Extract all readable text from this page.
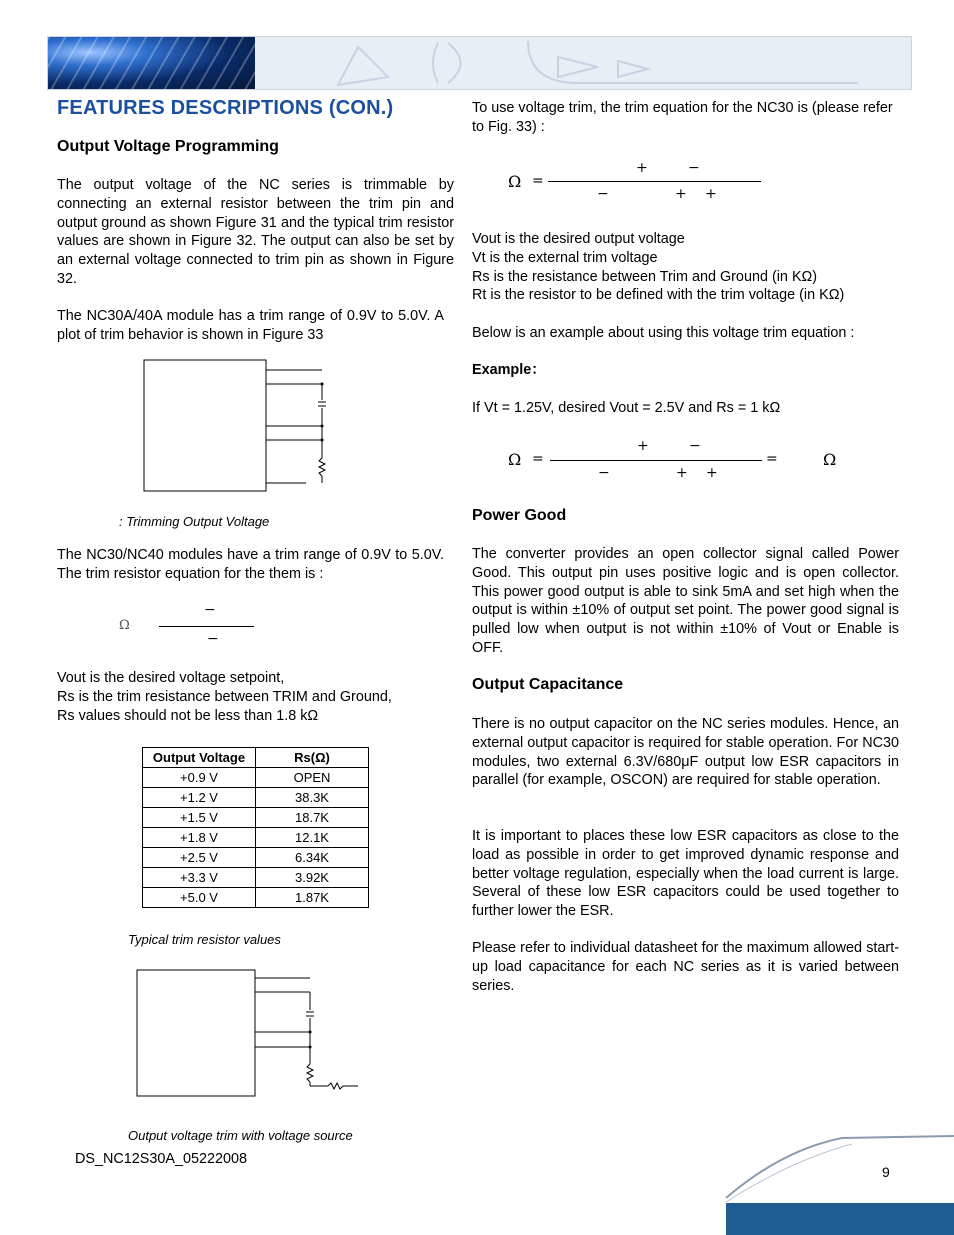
FEATURES DESCRIPTIONS (CON.)
Output Voltage Programming

The output voltage of the NC series is trimmable by connecting an external resistor between the trim pin and output ground as shown Figure 31 and the typical trim resistor values are shown in Figure 32. The output can also be set by an external voltage connected to trim pin as shown in Figure 32.

The NC30A/40A module has a trim range of 0.9V to 5.0V. A plot of trim behavior is shown in Figure 33

: Trimming Output Voltage

The NC30/NC40 modules have a trim range of 0.9V to 5.0V. The trim resistor equation for the them is :

Ω
−
−
Vout is the desired voltage setpoint,
Rs is the trim resistance between TRIM and Ground,
Rs values should not be less than 1.8 kΩ
Output Voltage	Rs(Ω)
+0.9 V	OPEN
+1.2 V	38.3K
+1.5 V	18.7K
+1.8 V	12.1K
+2.5 V	6.34K
+3.3 V	3.92K
+5.0 V	1.87K
Typical trim resistor values
Output voltage trim with voltage source

To use voltage trim, the trim equation for the NC30 is (please refer to Fig. 33) :

Ω =
+	−
−	+ +
Vout is the desired output voltage
Vt is the external trim voltage
Rs is the resistance between Trim and Ground (in KΩ)
Rt is the resistor to be defined with the trim voltage (in KΩ)
Below is an example about using this voltage trim equation :
Example：
If Vt = 1.25V, desired Vout = 2.5V and Rs = 1 kΩ
Ω =
+	−
−	+ +
=	Ω
Power Good

The converter provides an open collector signal called Power Good. This output pin uses positive logic and is open collector. This power good output is able to sink 5mA and set high when the output is within ±10% of output set point. The power good signal is pulled low when output is not within ±10% of Vout or Enable is OFF.

Output Capacitance

There is no output capacitor on the NC series modules. Hence, an external output capacitor is required for stable operation. For NC30 modules, two external 6.3V/680μF output low ESR capacitors in parallel (for example, OSCON) are required for stable operation.

It is important to places these low ESR capacitors as close to the load as possible in order to get improved dynamic response and better voltage regulation, especially when the load current is large. Several of these low ESR capacitors could be used together to further lower the ESR.

Please refer to individual datasheet for the maximum allowed start-up load capacitance for each NC series as it is varied between series.

DS_NC12S30A_05222008
9
